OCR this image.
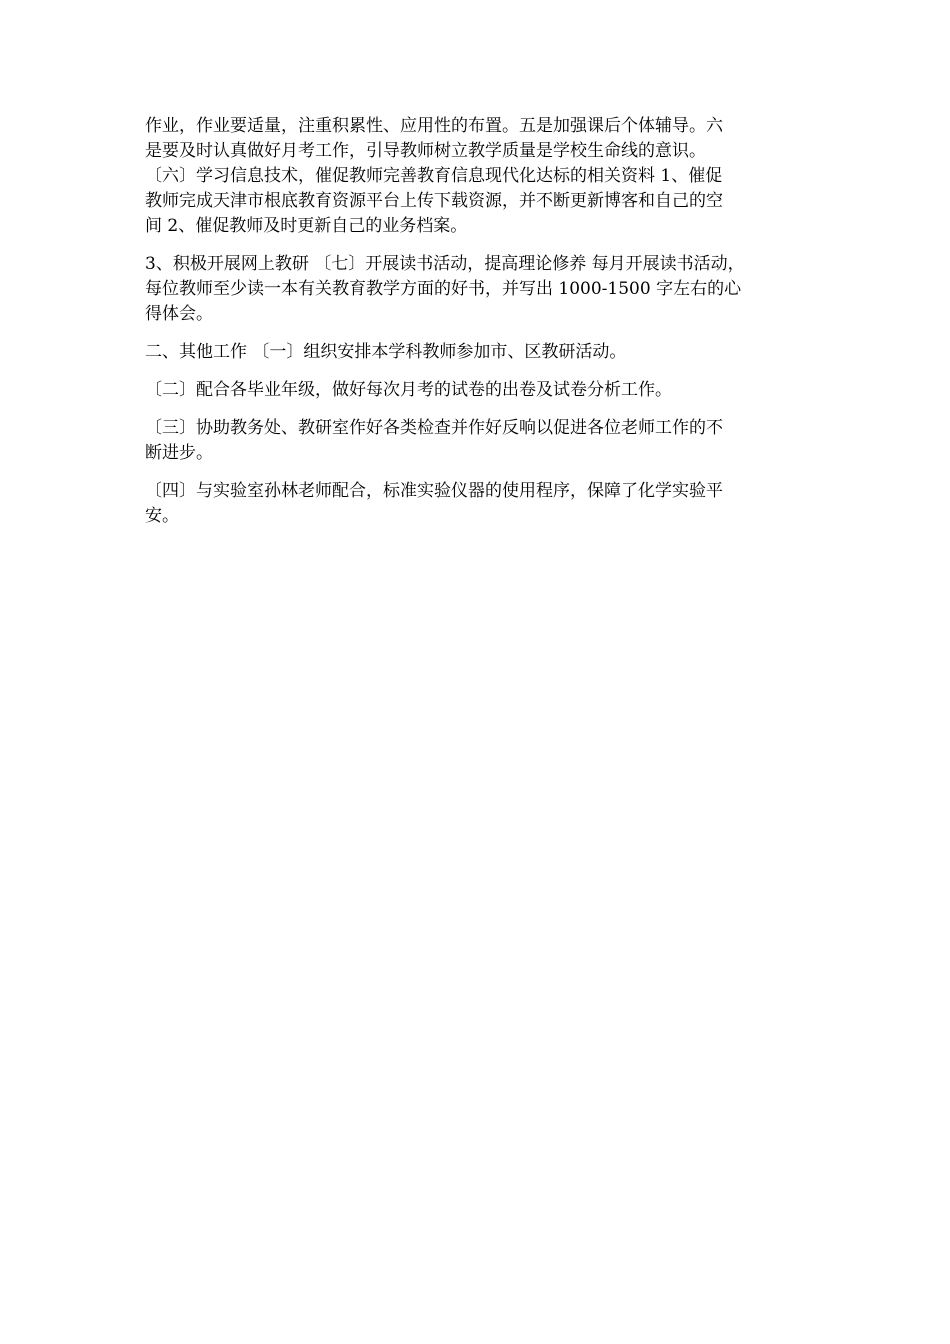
作业，作业要适量，注重积累性、应用性的布置。五是加强课后个体辅导。六
是要及时认真做好月考工作，引导教师树立教学质量是学校生命线的意识。
〔六〕学习信息技术，催促教师完善教育信息现代化达标的相关资料 1、催促
教师完成天津市根底教育资源平台上传下载资源，并不断更新博客和自己的空
间 2、催促教师及时更新自己的业务档案。
3、积极开展网上教研 〔七〕开展读书活动，提高理论修养 每月开展读书活动，
每位教师至少读一本有关教育教学方面的好书，并写出 1000-1500 字左右的心
得体会。
二、其他工作 〔一〕组织安排本学科教师参加市、区教研活动。
〔二〕配合各毕业年级，做好每次月考的试卷的出卷及试卷分析工作。
〔三〕协助教务处、教研室作好各类检查并作好反响以促进各位老师工作的不
断进步。
〔四〕与实验室孙林老师配合，标准实验仪器的使用程序，保障了化学实验平
安。
